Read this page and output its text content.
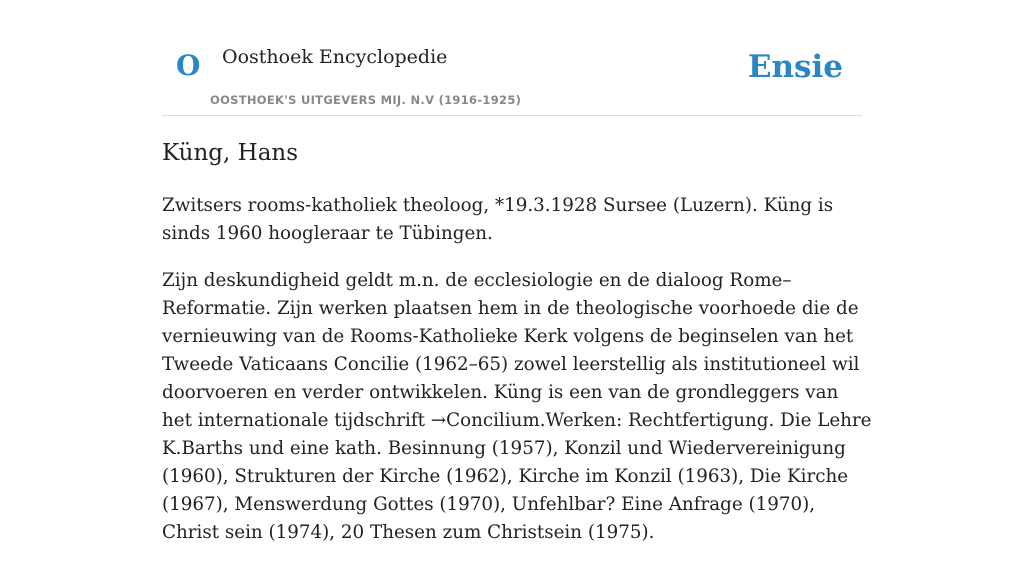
O Oosthoek Encyclopedie
OOSTHOEK'S UITGEVERS MIJ. N.V (1916-1925)
Ensie
Küng, Hans

Zwitsers rooms-katholiek theoloog, *19.3.1928 Sursee (Luzern). Küng is sinds 1960 hoogleraar te Tübingen.

Zijn deskundigheid geldt m.n. de ecclesiologie en de dialoog Rome–Reformatie. Zijn werken plaatsen hem in de theologische voorhoede die de vernieuwing van de Rooms-Katholieke Kerk volgens de beginselen van het Tweede Vaticaans Concilie (1962–65) zowel leerstellig als institutioneel wil doorvoeren en verder ontwikkelen. Küng is een van de grondleggers van het internationale tijdschrift →Concilium.Werken: Rechtfertigung. Die Lehre K.Barths und eine kath. Besinnung (1957), Konzil und Wiedervereinigung (1960), Strukturen der Kirche (1962), Kirche im Konzil (1963), Die Kirche (1967), Menswerdung Gottes (1970), Unfehlbar? Eine Anfrage (1970), Christ sein (1974), 20 Thesen zum Christsein (1975).
